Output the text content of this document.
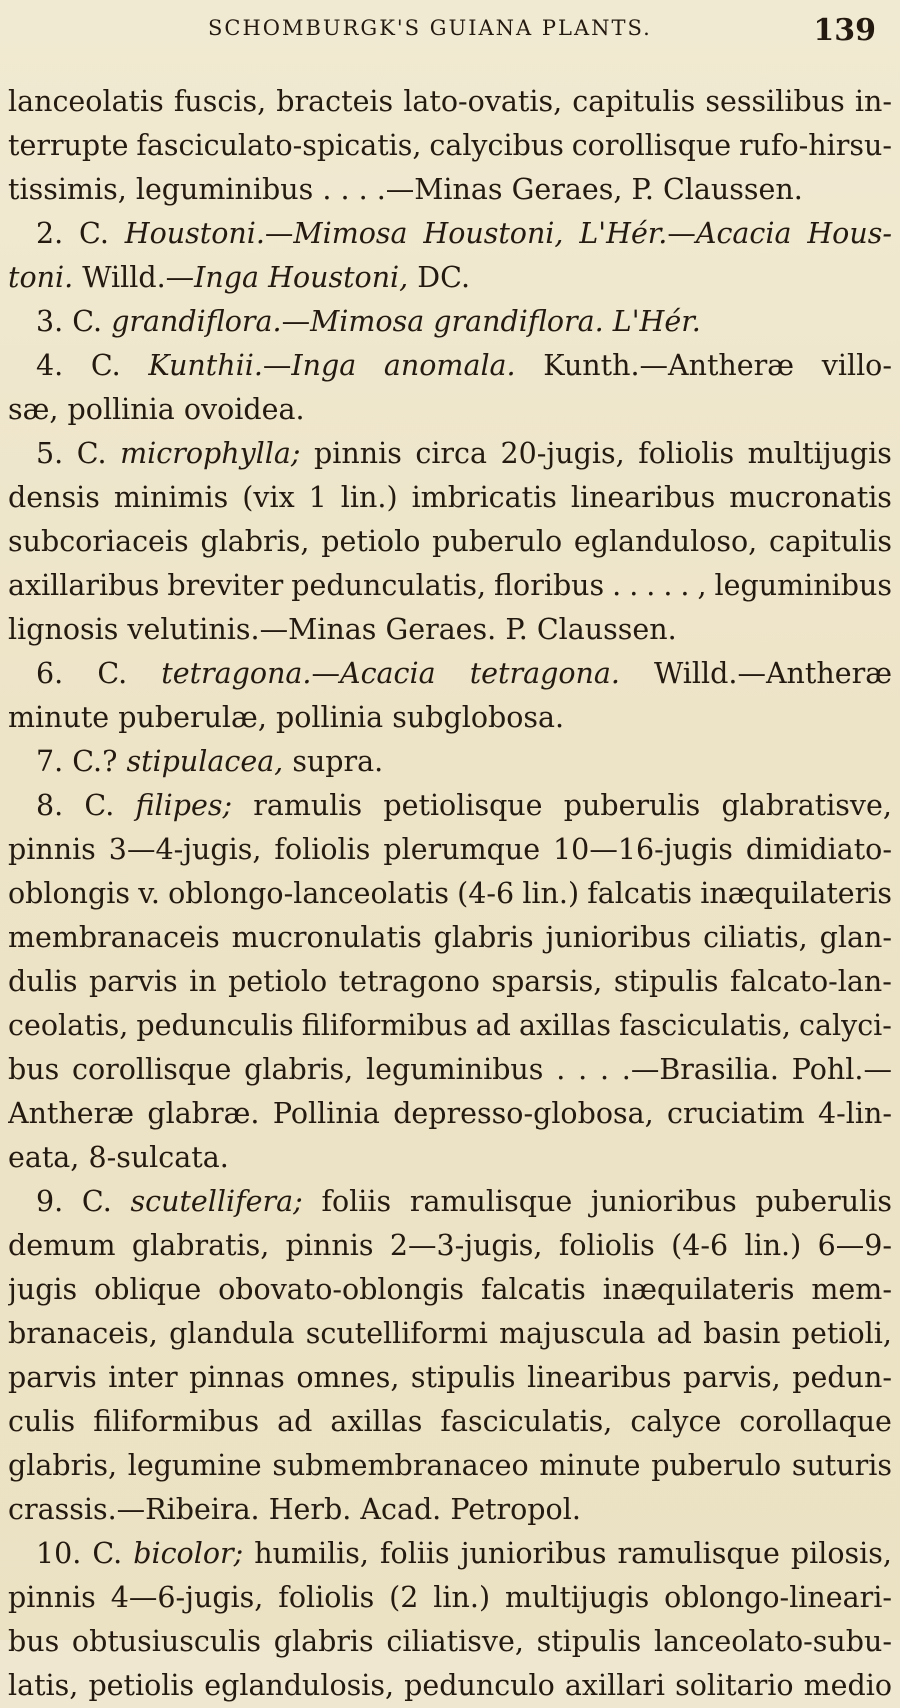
SCHOMBURGK'S GUIANA PLANTS.	139
lanceolatis fuscis, bracteis lato-ovatis, capitulis sessilibus in-
terrupte fasciculato-spicatis, calycibus corollisque rufo-hirsu-
tissimis, leguminibus . . . .—Minas Geraes, P. Claussen.
2. C. Houstoni.—Mimosa Houstoni, L'Hér.—Acacia Hous-
toni. Willd.—Inga Houstoni, DC.
3. C. grandiflora.—Mimosa grandiflora. L'Hér.
4. C. Kunthii.—Inga anomala. Kunth.—Antheræ villo-
sæ, pollinia ovoidea.
5. C. microphylla; pinnis circa 20-jugis, foliolis multijugis
densis minimis (vix 1 lin.) imbricatis linearibus mucronatis
subcoriaceis glabris, petiolo puberulo eglanduloso, capitulis
axillaribus breviter pedunculatis, floribus . . . . . , leguminibus
lignosis velutinis.—Minas Geraes. P. Claussen.
6. C. tetragona.—Acacia tetragona. Willd.—Antheræ
minute puberulæ, pollinia subglobosa.
7. C.? stipulacea, supra.
8. C. filipes; ramulis petiolisque puberulis glabratisve,
pinnis 3—4-jugis, foliolis plerumque 10—16-jugis dimidiato-
oblongis v. oblongo-lanceolatis (4-6 lin.) falcatis inæquilateris
membranaceis mucronulatis glabris junioribus ciliatis, glan-
dulis parvis in petiolo tetragono sparsis, stipulis falcato-lan-
ceolatis, pedunculis filiformibus ad axillas fasciculatis, calyci-
bus corollisque glabris, leguminibus . . . .—Brasilia. Pohl.—
Antheræ glabræ. Pollinia depresso-globosa, cruciatim 4-lin-
eata, 8-sulcata.
9. C. scutellifera; foliis ramulisque junioribus puberulis
demum glabratis, pinnis 2—3-jugis, foliolis (4-6 lin.) 6—9-
jugis oblique obovato-oblongis falcatis inæquilateris mem-
branaceis, glandula scutelliformi majuscula ad basin petioli,
parvis inter pinnas omnes, stipulis linearibus parvis, pedun-
culis filiformibus ad axillas fasciculatis, calyce corollaque
glabris, legumine submembranaceo minute puberulo suturis
crassis.—Ribeira. Herb. Acad. Petropol.
10. C. bicolor; humilis, foliis junioribus ramulisque pilosis,
pinnis 4—6-jugis, foliolis (2 lin.) multijugis oblongo-lineari-
bus obtusiusculis glabris ciliatisve, stipulis lanceolato-subu-
latis, petiolis eglandulosis, pedunculo axillari solitario medio
